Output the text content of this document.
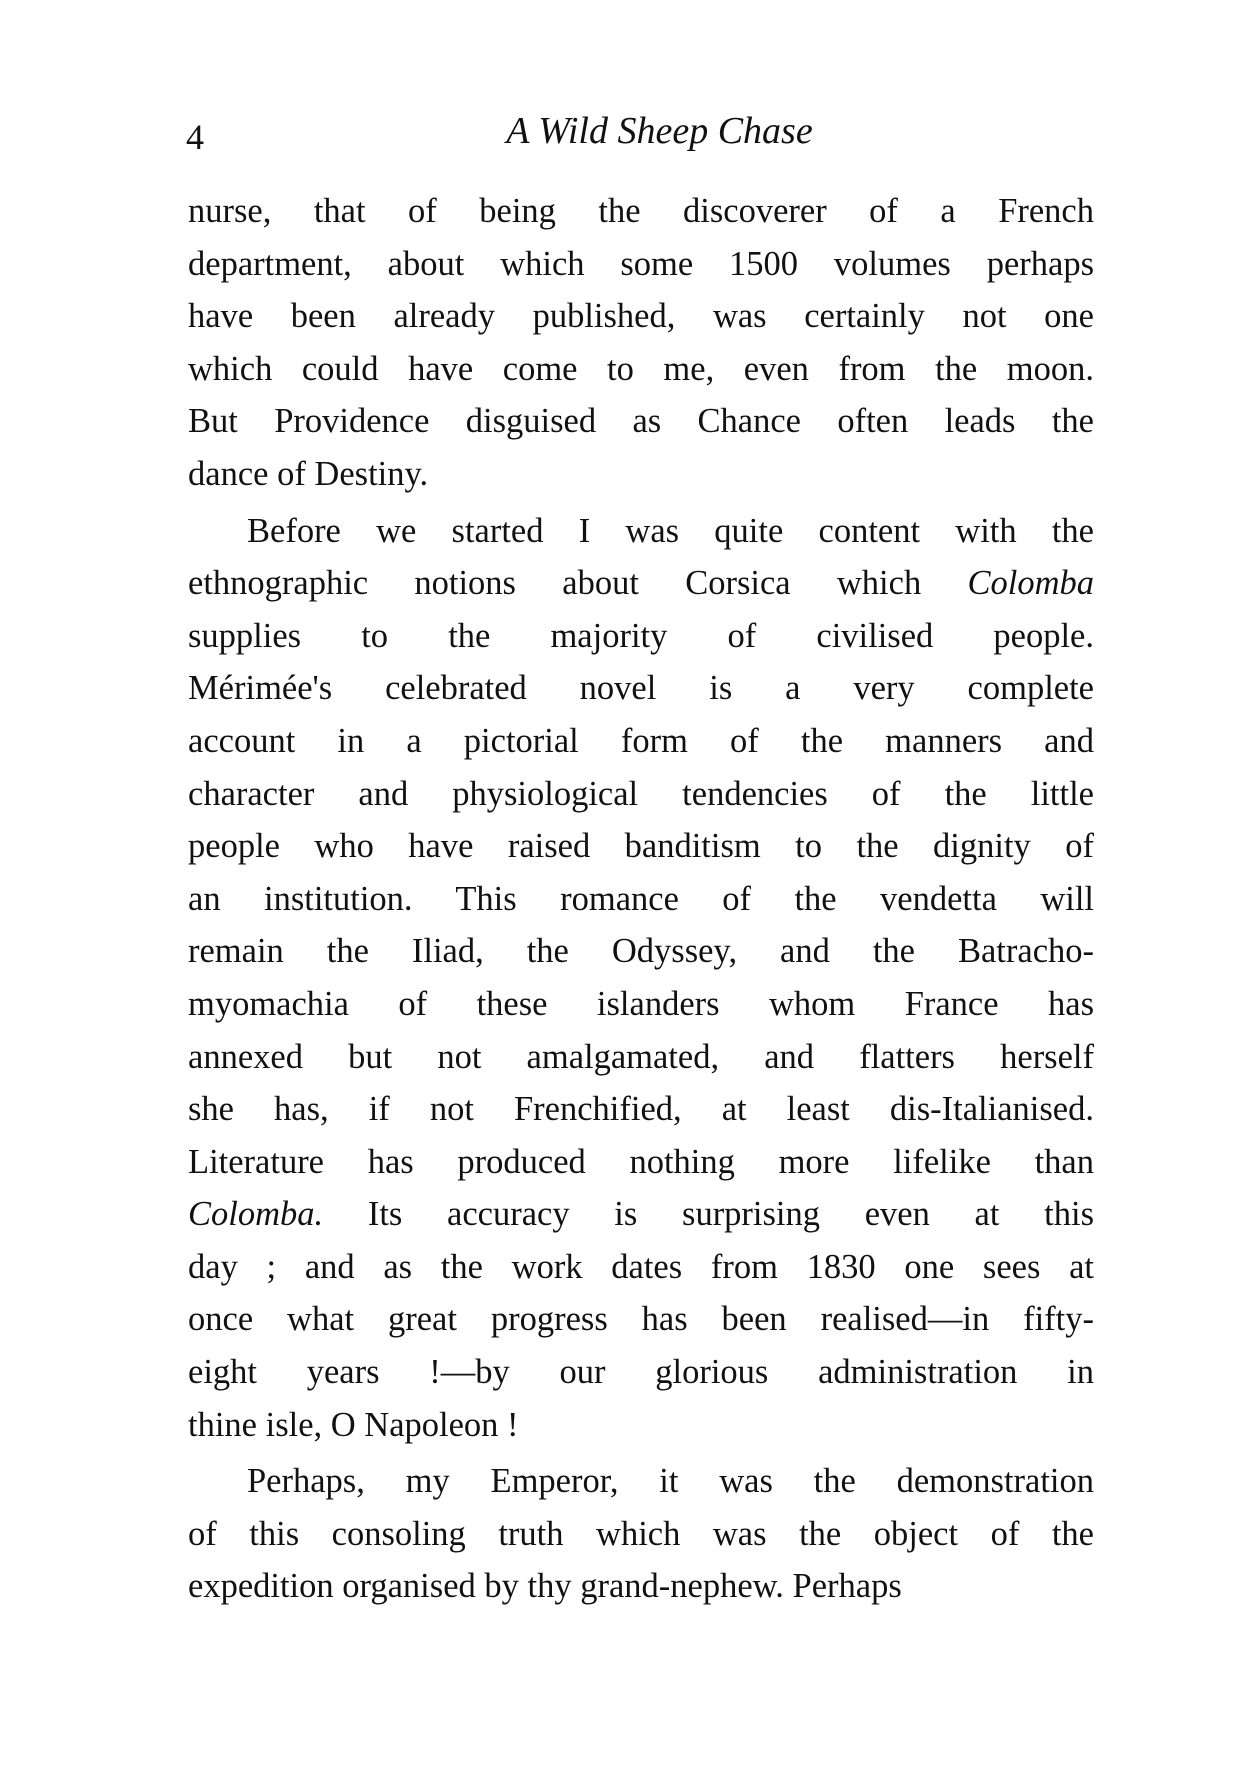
4	A Wild Sheep Chase
nurse, that of being the discoverer of a French
department, about which some 1500 volumes perhaps
have been already published, was certainly not one
which could have come to me, even from the moon.
But Providence disguised as Chance often leads the
dance of Destiny.
Before we started I was quite content with the
ethnographic notions about Corsica which Colomba
supplies to the majority of civilised people.
Mérimée's celebrated novel is a very complete
account in a pictorial form of the manners and
character and physiological tendencies of the little
people who have raised banditism to the dignity of
an institution. This romance of the vendetta will
remain the Iliad, the Odyssey, and the Batracho-
myomachia of these islanders whom France has
annexed but not amalgamated, and flatters herself
she has, if not Frenchified, at least dis-Italianised.
Literature has produced nothing more lifelike than
Colomba. Its accuracy is surprising even at this
day ; and as the work dates from 1830 one sees at
once what great progress has been realised—in fifty-
eight years !—by our glorious administration in
thine isle, O Napoleon !
Perhaps, my Emperor, it was the demonstration
of this consoling truth which was the object of the
expedition organised by thy grand-nephew. Perhaps
